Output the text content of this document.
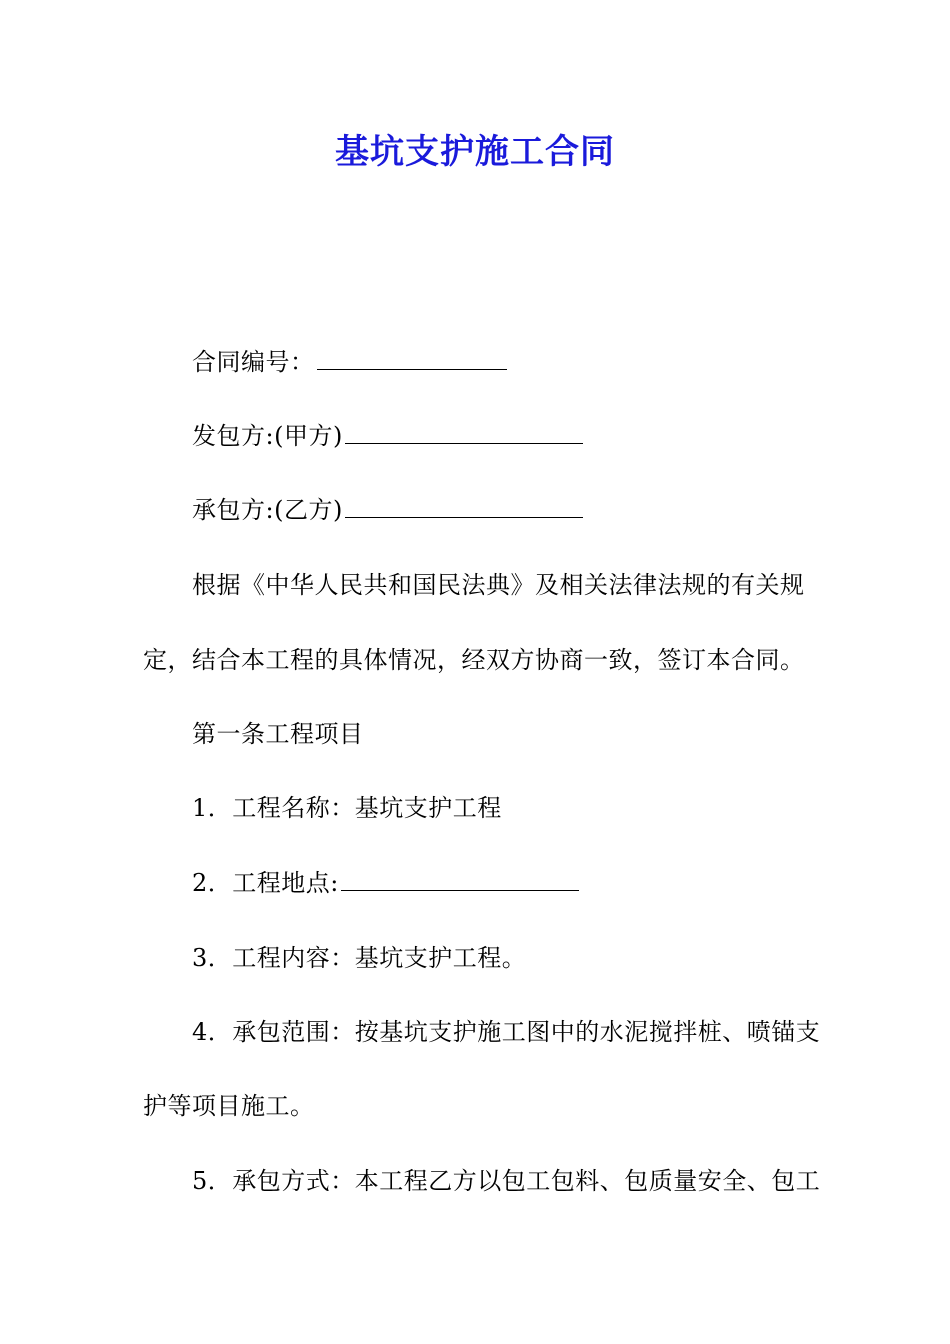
基坑支护施工合同
合同编号：
发包方:(甲方)
承包方:(乙方)
根据《中华人民共和国民法典》及相关法律法规的有关规
定，结合本工程的具体情况，经双方协商一致，签订本合同。
第一条工程项目
1．工程名称：基坑支护工程
2．工程地点:
3．工程内容：基坑支护工程。
4．承包范围：按基坑支护施工图中的水泥搅拌桩、喷锚支
护等项目施工。
5．承包方式：本工程乙方以包工包料、包质量安全、包工
